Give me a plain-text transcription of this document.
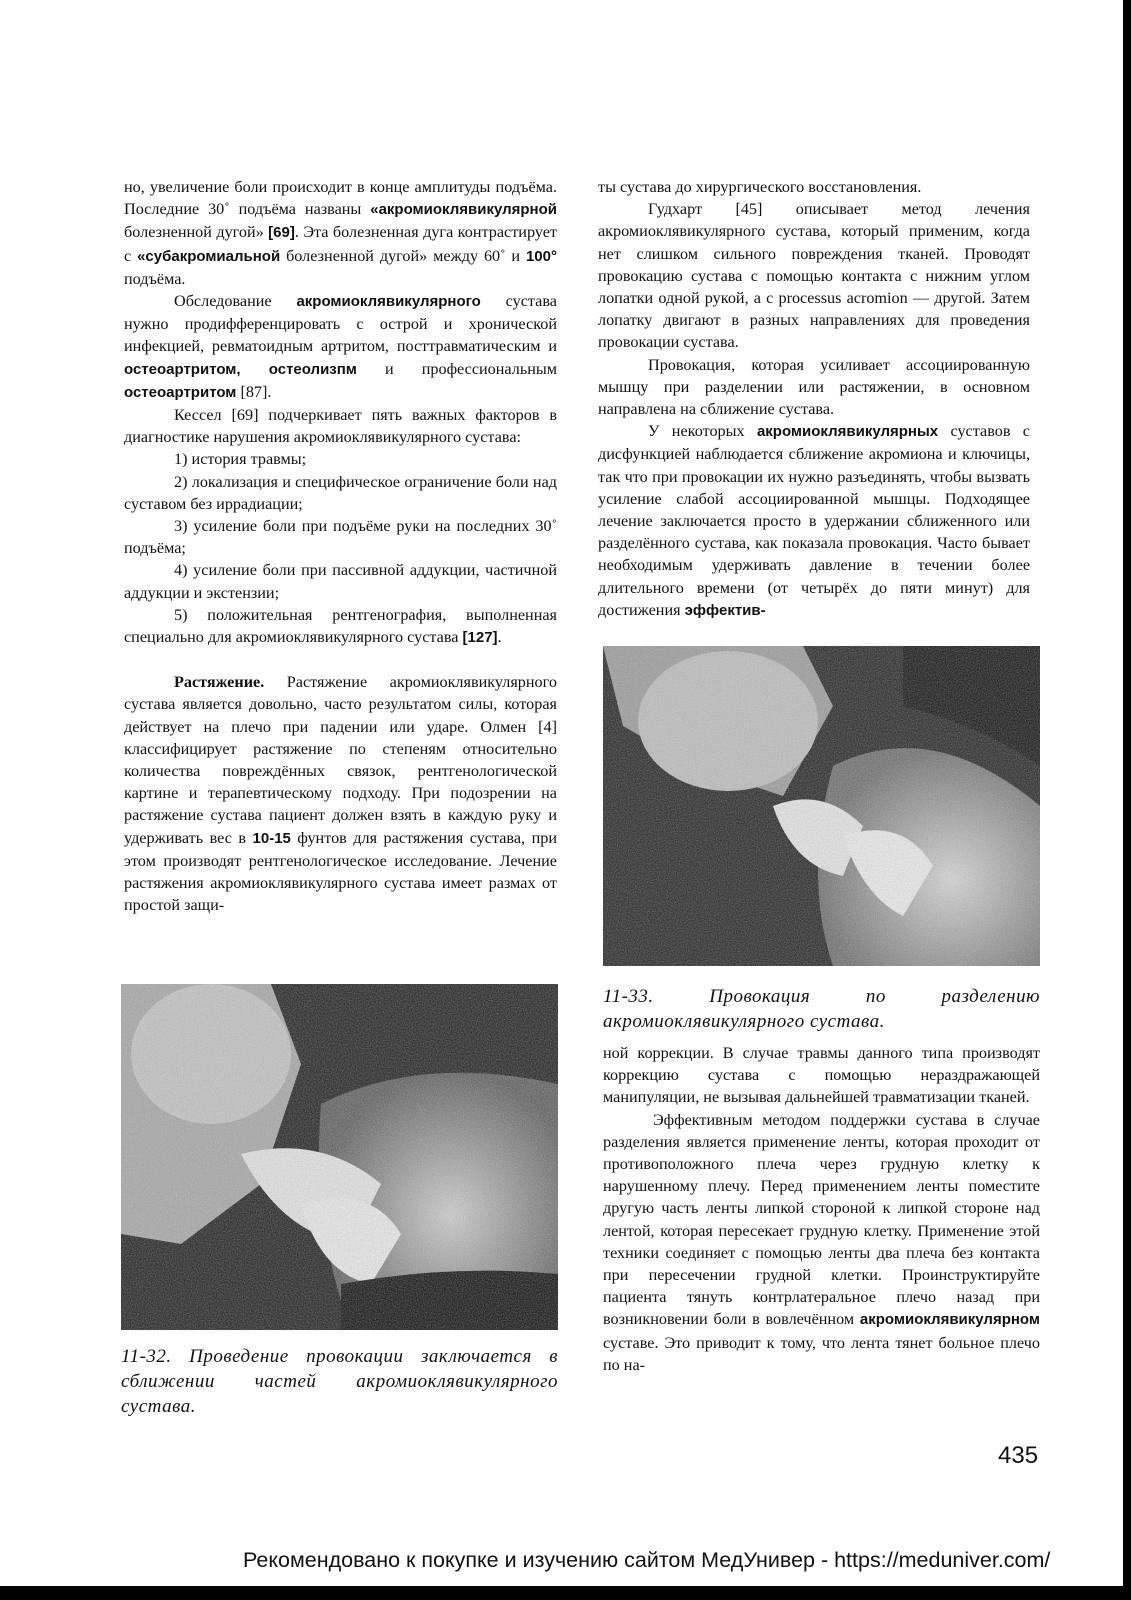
но, увеличение боли происходит в конце амплитуды подъёма. Последние 30˚ подъёма названы «акромиоклявикулярной болезненной дугой» [69]. Эта болезненная дуга контрастирует с «субакромиальной болезненной дугой» между 60˚ и 100° подъёма.

Обследование акромиоклявикулярного сустава нужно продифференцировать с острой и хронической инфекцией, ревматоидным артритом, посттравматическим и остеоартритом, остеолизпм и профессиональным остеоартритом [87].

Кессел [69] подчеркивает пять важных факторов в диагностике нарушения акромиоклявикулярного сустава:

1) история травмы;

2) локализация и специфическое ограничение боли над суставом без иррадиации;

3) усиление боли при подъёме руки на последних 30˚ подъёма;

4) усиление боли при пассивной аддукции, частичной аддукции и экстензии;

5) положительная рентгенография, выполненная специально для акромиоклявикулярного сустава [127].

Растяжение. Растяжение акромиоклявикулярного сустава является довольно, часто результатом силы, которая действует на плечо при падении или ударе. Олмен [4] классифицирует растяжение по степеням относительно количества повреждённых связок, рентгенологической картине и терапевтическому подходу. При подозрении на растяжение сустава пациент должен взять в каждую руку и удерживать вес в 10-15 фунтов для растяжения сустава, при этом производят рентгенологическое исследование. Лечение растяжения акромиоклявикулярного сустава имеет размах от простой защи-

ты сустава до хирургического восстановления.

Гудхарт [45] описывает метод лечения акромиоклявикулярного сустава, который применим, когда нет слишком сильного повреждения тканей. Проводят провокацию сустава с помощью контакта с нижним углом лопатки одной рукой, а с processus acromion — другой. Затем лопатку двигают в разных направлениях для проведения провокации сустава.

Провокация, которая усиливает ассоциированную мышцу при разделении или растяжении, в основном направлена на сближение сустава.

У некоторых акромиоклявикулярных суставов с дисфункцией наблюдается сближение акромиона и ключицы, так что при провокации их нужно разъединять, чтобы вызвать усиление слабой ассоциированной мышцы. Подходящее лечение заключается просто в удержании сближенного или разделённого сустава, как показала провокация. Часто бывает необходимым удерживать давление в течении более длительного времени (от четырёх до пяти минут) для достижения эффектив-

11-33. Провокация по разделению акромиоклявикулярного сустава.

ной коррекции. В случае травмы данного типа производят коррекцию сустава с помощью нераздражающей манипуляции, не вызывая дальнейшей травматизации тканей.

Эффективным методом поддержки сустава в случае разделения является применение ленты, которая проходит от противоположного плеча через грудную клетку к нарушенному плечу. Перед применением ленты поместите другую часть ленты липкой стороной к липкой стороне над лентой, которая пересекает грудную клетку. Применение этой техники соединяет с помощью ленты два плеча без контакта при пересечении грудной клетки. Проинструктируйте пациента тянуть контрлатеральное плечо назад при возникновении боли в вовлечённом акромиоклявикулярном суставе. Это приводит к тому, что лента тянет больное плечо по на-

11-32. Проведение провокации заключается в сближении частей акромиоклявикулярного сустава.
435
Рекомендовано к покупке и изучению сайтом МедУнивер - https://meduniver.com/
